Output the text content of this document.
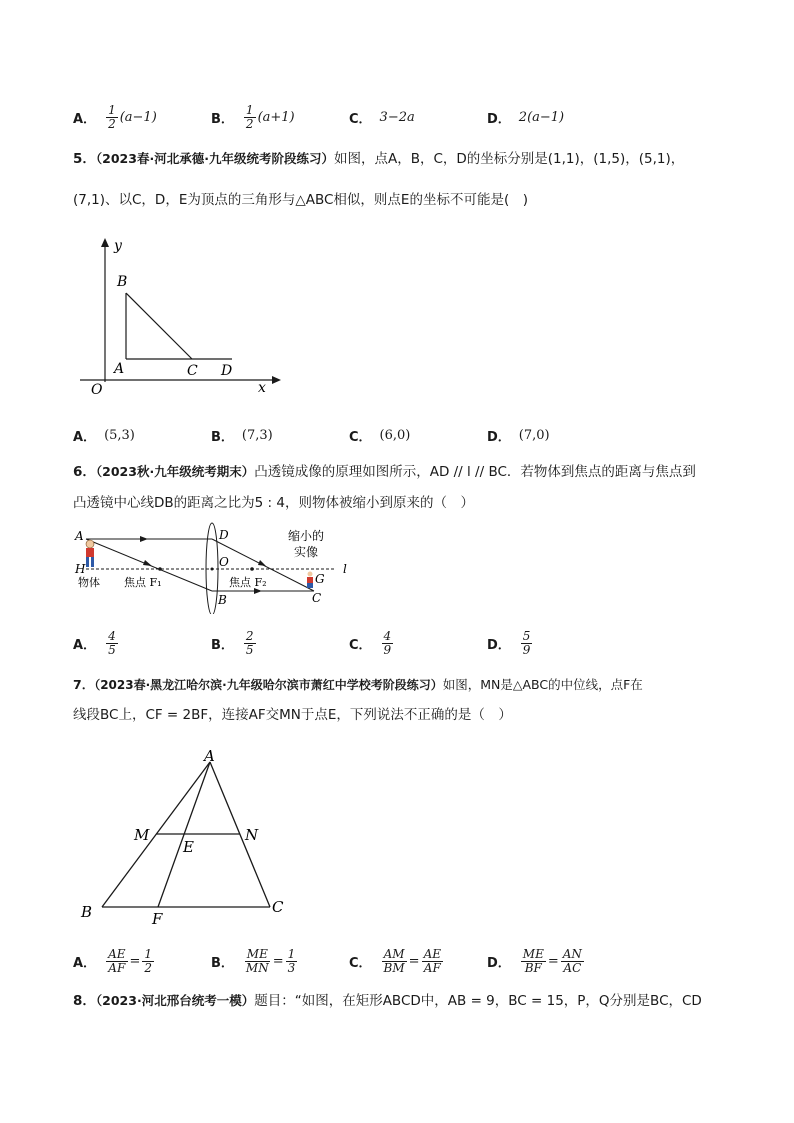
A． $\frac{1}{2} (a-1)$	B． $\frac{1}{2} (a+1)$	C． 3−2a	D． 2(a−1)
5．（2023春·河北承德·九年级统考阶段练习）如图，点A，B，C，D的坐标分别是(1,1)，(1,5)，(5,1)，
(7,1)、以C，D，E为顶点的三角形与△ABC相似，则点E的坐标不可能是(　)
y
x
O
A
B
C D
A． (5,3)	B． (7,3)	C． (6,0)	D． (7,0)
6．（2023秋·九年级统考期末）凸透镜成像的原理如图所示，AD // l // BC．若物体到焦点的距离与焦点到
凸透镜中心线DB的距离之比为5 : 4，则物体被缩小到原来的（　）
A	D
H	O	l
B	C
G
物体 焦点 F₁	焦点 F₂
缩小的
实像
A． $\frac{4}{5}$	B． $\frac{2}{5}$	C． $\frac{4}{9}$	D． $\frac{5}{9}$
7．（2023春·黑龙江哈尔滨·九年级哈尔滨市萧红中学校考阶段练习）如图，MN是△ABC的中位线，点F在
线段BC上，CF = 2BF，连接AF交MN于点E，下列说法不正确的是（　）
A
M	N
E
B	F
C
A． $\frac{AE}{AF} = \frac{1}{2}$	B． $\frac{ME}{MN} = \frac{1}{3}$	C． $\frac{AM}{BM} = \frac{AE}{AF}$	D． $\frac{ME}{BF} = \frac{AN}{AC}$
8．（2023·河北邢台统考一模）题目：“如图，在矩形ABCD中，AB = 9，BC = 15，P，Q分别是BC，CD
